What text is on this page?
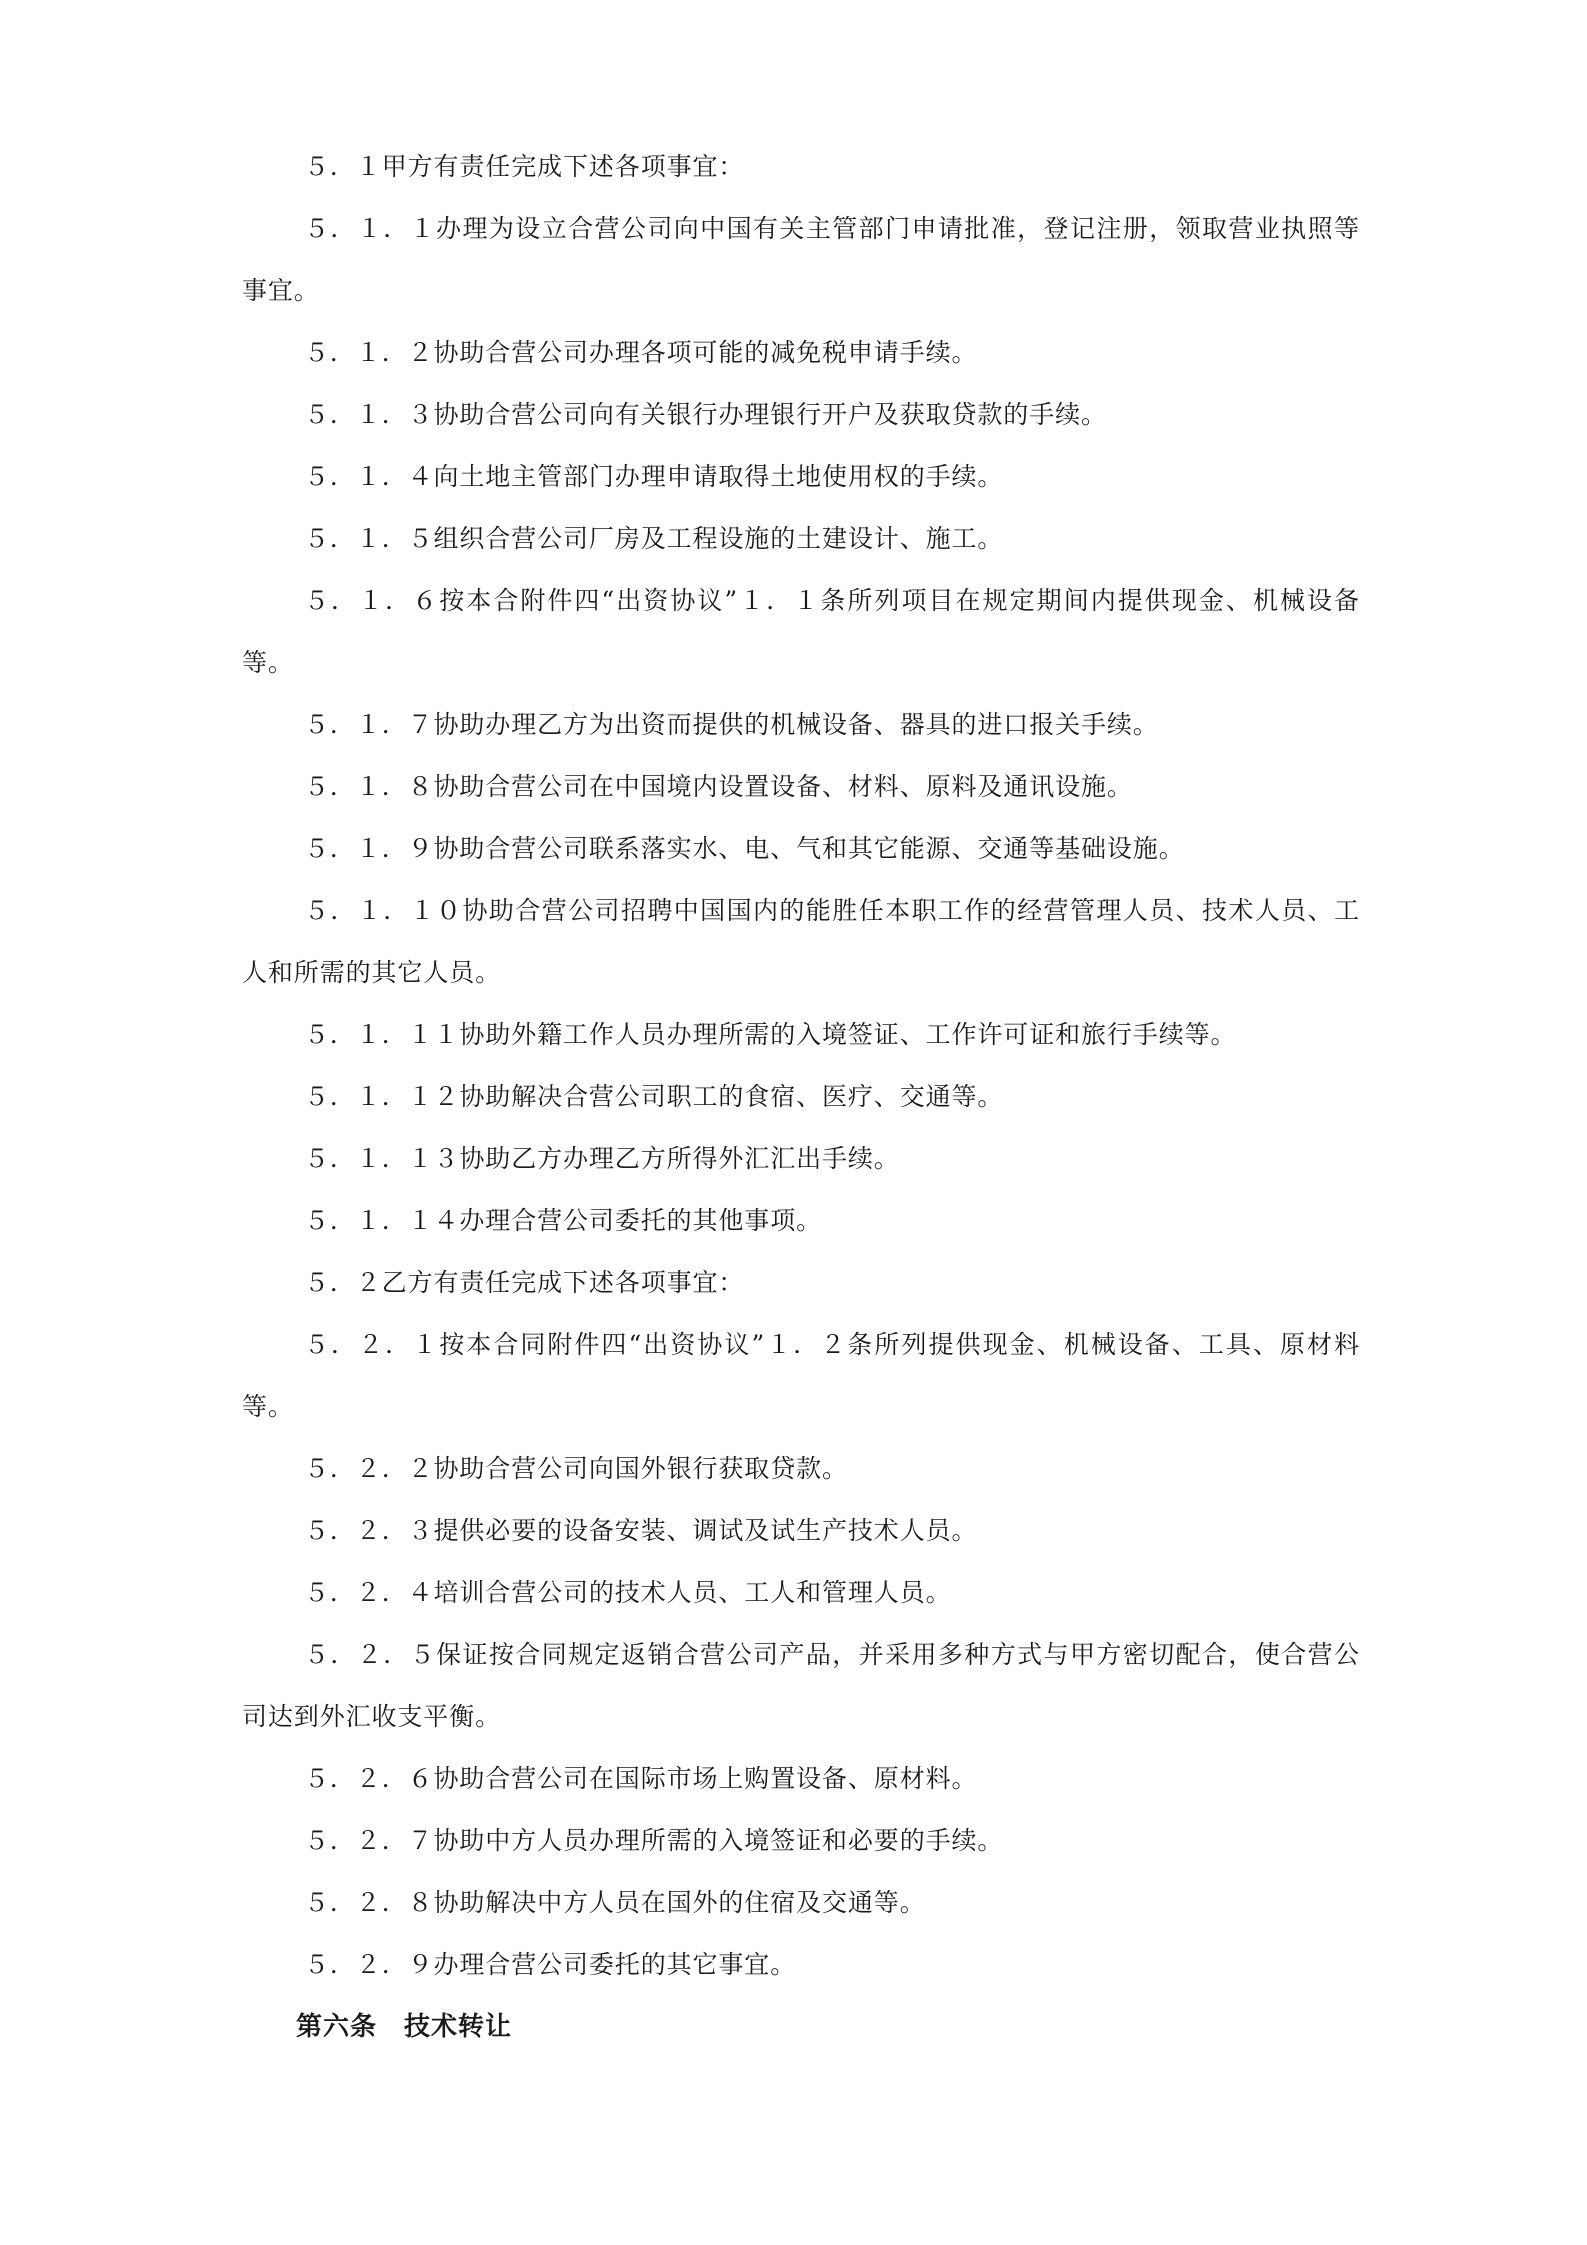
５．１甲方有责任完成下述各项事宜：

５．１．１办理为设立合营公司向中国有关主管部门申请批准，登记注册，领取营业执照等事宜。

５．１．２协助合营公司办理各项可能的减免税申请手续。

５．１．３协助合营公司向有关银行办理银行开户及获取贷款的手续。

５．１．４向土地主管部门办理申请取得土地使用权的手续。

５．１．５组织合营公司厂房及工程设施的土建设计、施工。

５．１．６按本合附件四“出资协议”１．１条所列项目在规定期间内提供现金、机械设备等。

５．１．７协助办理乙方为出资而提供的机械设备、器具的进口报关手续。

５．１．８协助合营公司在中国境内设置设备、材料、原料及通讯设施。

５．１．９协助合营公司联系落实水、电、气和其它能源、交通等基础设施。

５．１．１０协助合营公司招聘中国国内的能胜任本职工作的经营管理人员、技术人员、工人和所需的其它人员。

５．１．１１协助外籍工作人员办理所需的入境签证、工作许可证和旅行手续等。

５．１．１２协助解决合营公司职工的食宿、医疗、交通等。

５．１．１３协助乙方办理乙方所得外汇汇出手续。

５．１．１４办理合营公司委托的其他事项。

５．２乙方有责任完成下述各项事宜：

５．２．１按本合同附件四“出资协议”１．２条所列提供现金、机械设备、工具、原材料等。

５．２．２协助合营公司向国外银行获取贷款。

５．２．３提供必要的设备安装、调试及试生产技术人员。

５．２．４培训合营公司的技术人员、工人和管理人员。

５．２．５保证按合同规定返销合营公司产品，并采用多种方式与甲方密切配合，使合营公司达到外汇收支平衡。

５．２．６协助合营公司在国际市场上购置设备、原材料。

５．２．７协助中方人员办理所需的入境签证和必要的手续。

５．２．８协助解决中方人员在国外的住宿及交通等。

５．２．９办理合营公司委托的其它事宜。

第六条　技术转让
